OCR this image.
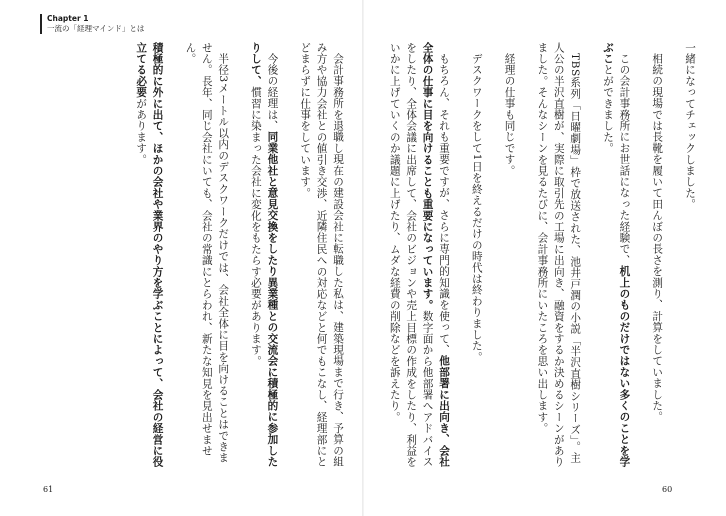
Chapter 1
一流の「経理マインド」とは

一緒になってチェックしました。

相続の現場では長靴を履いて田んぼの長さを測り、計算をしていました。

この会計事務所にお世話になった経験で、机上のものだけではない多くのことを学ぶことができました。

TBS系列「日曜劇場」枠で放送された、池井戸潤の小説「半沢直樹シリーズ」。主人公の半沢直樹が、実際に取引先の工場に出向き、融資をするか決めるシーンがありました。そんなシーンを見るたびに、会計事務所にいたころを思い出します。

経理の仕事も同じです。

デスクワークをして1日を終えるだけの時代は終わりました。

もちろん、それも重要ですが、さらに専門的知識を使って、他部署に出向き、会社全体の仕事に目を向けることも重要になっています。数字面から他部署へアドバイスをしたり、全体会議に出席して、会社のビジョンや売上目標の作成をしたり、利益をいかに上げていくのか議題に上げたり、ムダな経費の削除などを訴えたり。

会計事務所を退職し現在の建設会社に転職した私は、建築現場まで行き、予算の組み方や協力会社との値引き交渉、近隣住民への対応などと何でもこなし、経理部にとどまらずに仕事をしています。

今後の経理は、同業他社と意見交換をしたり異業種との交流会に積極的に参加したりして、慣習に染まった会社に変化をもたらす必要があります。

半径3メートル以内のデスクワークだけでは、会社全体に目を向けることはできません。長年、同じ会社にいても、会社の常識にとらわれ、新たな知見を見出せません。

積極的に外に出て、ほかの会社や業界のやり方を学ぶことによって、会社の経営に役立てる必要があります。

61	60
